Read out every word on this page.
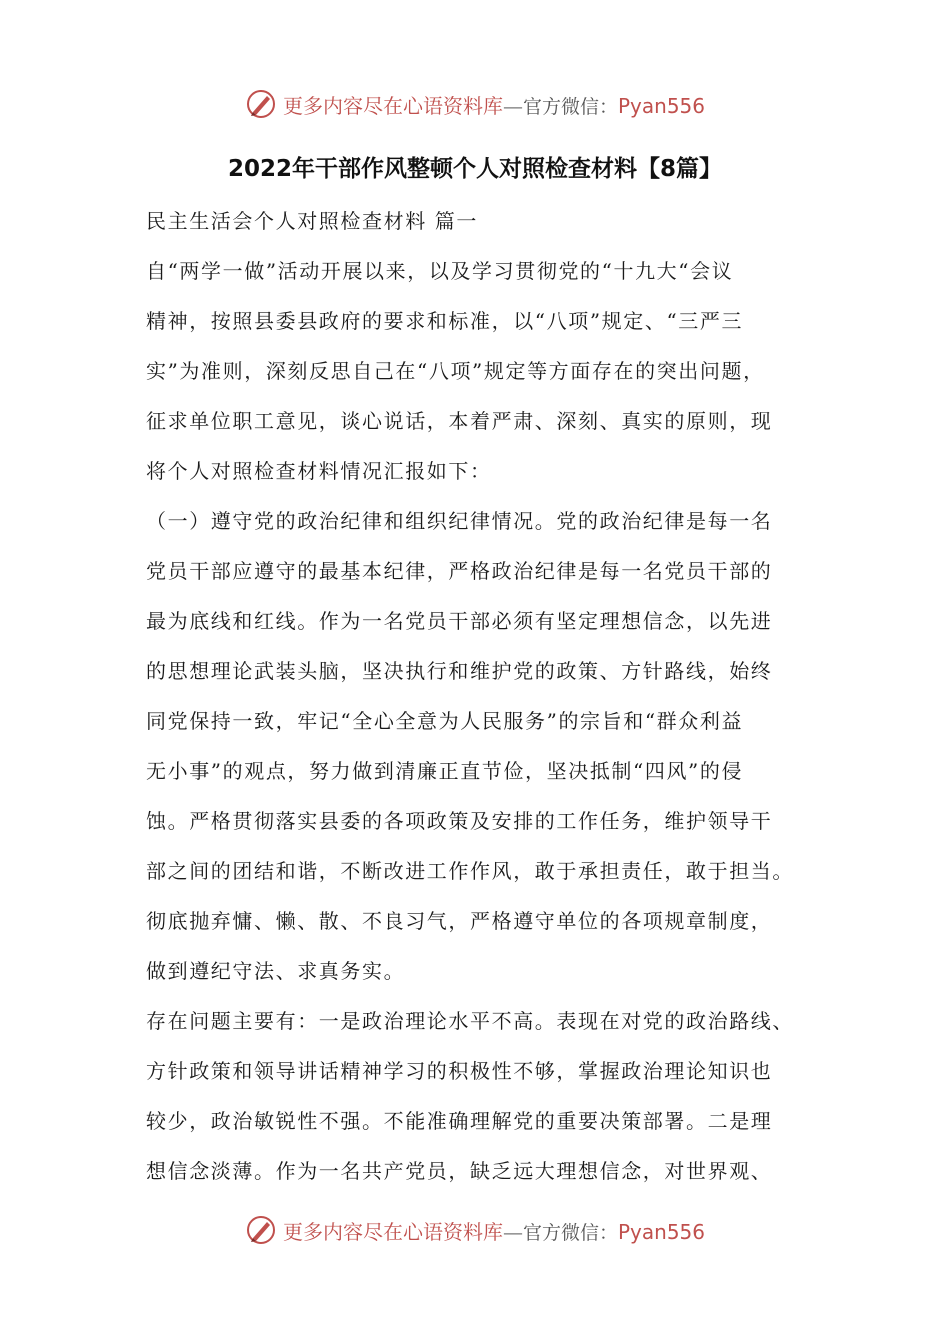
更多内容尽在心语资料库—官方微信：Pyan556
2022年干部作风整顿个人对照检查材料【8篇】
民主生活会个人对照检查材料 篇一
自“两学一做”活动开展以来，以及学习贯彻党的“十九大“会议
精神，按照县委县政府的要求和标准，以“八项”规定、“三严三
实”为准则，深刻反思自己在“八项”规定等方面存在的突出问题，
征求单位职工意见，谈心说话，本着严肃、深刻、真实的原则，现
将个人对照检查材料情况汇报如下：
（一）遵守党的政治纪律和组织纪律情况。党的政治纪律是每一名
党员干部应遵守的最基本纪律，严格政治纪律是每一名党员干部的
最为底线和红线。作为一名党员干部必须有坚定理想信念，以先进
的思想理论武装头脑，坚决执行和维护党的政策、方针路线，始终
同党保持一致，牢记“全心全意为人民服务”的宗旨和“群众利益
无小事”的观点，努力做到清廉正直节俭，坚决抵制“四风”的侵
蚀。严格贯彻落实县委的各项政策及安排的工作任务，维护领导干
部之间的团结和谐，不断改进工作作风，敢于承担责任，敢于担当。
彻底抛弃慵、懒、散、不良习气，严格遵守单位的各项规章制度，
做到遵纪守法、求真务实。
存在问题主要有：一是政治理论水平不高。表现在对党的政治路线、
方针政策和领导讲话精神学习的积极性不够，掌握政治理论知识也
较少，政治敏锐性不强。不能准确理解党的重要决策部署。二是理
想信念淡薄。作为一名共产党员，缺乏远大理想信念，对世界观、
更多内容尽在心语资料库—官方微信：Pyan556
